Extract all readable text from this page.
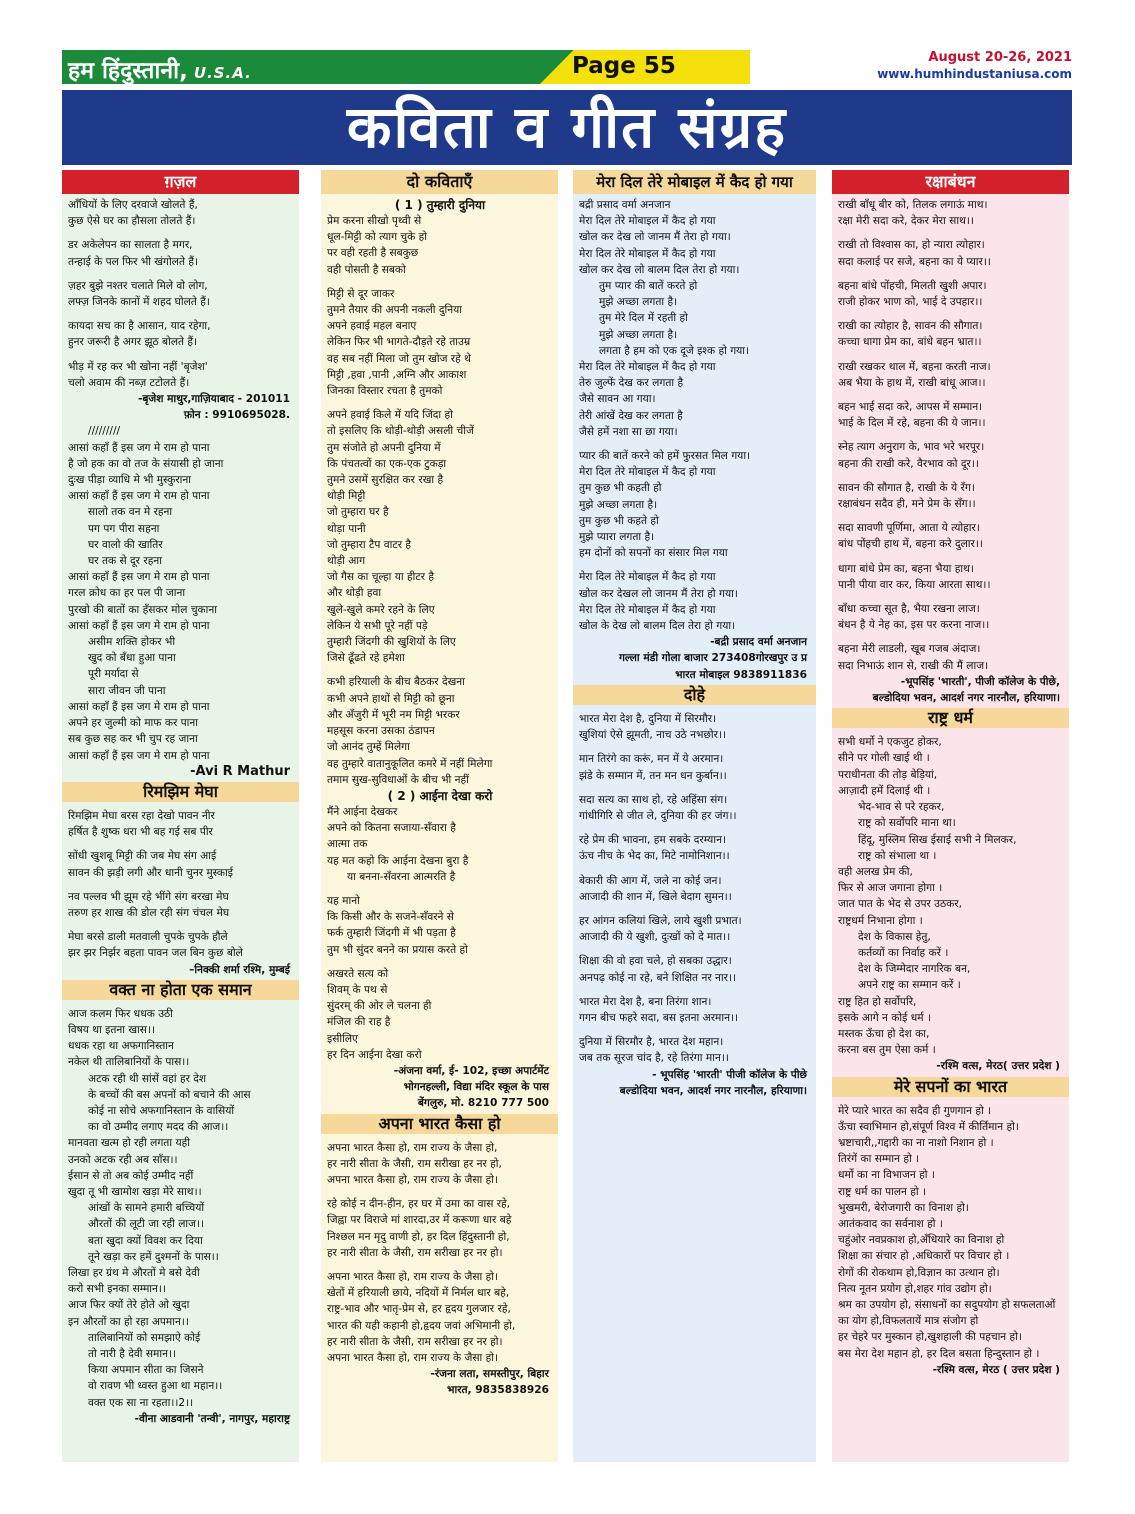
हम हिंदुस्तानी, U.S.A.	Page 55	August 20-26, 2021
www.humhindustaniusa.com
कविता व गीत संग्रह
ग़ज़ल
आँधियों के लिए दरवाजे खोलते हैं,
कुछ ऐसे घर का हौसला तोलते हैं।
डर अकेलेपन का सालता है मगर,
तन्हाई के पल फिर भी खंगोलते हैं।
ज़हर बुझे नश्तर चलाते मिले वो लोग,
लफ्ज़ जिनके कानों में शहद घोलते हैं।
कायदा सच का है आसान, याद रहेगा,
हुनर जरूरी है अगर झूठ बोलते हैं।
भीड़ में रह कर भी खोना नहीं 'बृजेश'
चलो अवाम की नब्ज़ टटोलते हैं।
-बृजेश माथुर,गाज़ियाबाद - 201011
फ़ोन : 9910695028.
/////////
आसां कहाँ हैं इस जग मे राम हो पाना
है जो हक का वो तज के संयासी हो जाना
दुःख पीड़ा व्याधि मे भी मुस्कुराना
आसां कहाँ हैं इस जग मे राम हो पाना
सालो तक वन मे रहना
पग पग पीरा सहना
घर वालो की खातिर
घर तक से दूर रहना
आसां कहाँ हैं इस जग मे राम हो पाना
गरल क्रोध का हर पल पी जाना
पुरखो की बातों का हँसकर मोल चुकाना
आसां कहाँ हैं इस जग मे राम हो पाना
असीम शक्ति होकर भी
खुद को बँधा हुआ पाना
पूरी मर्यादा से
सारा जीवन जी पाना
आसां कहाँ हैं इस जग मे राम हो पाना
अपने हर जुल्मी को माफ कर पाना
सब कुछ सह कर भी चुप रह जाना
आसां कहाँ हैं इस जग मे राम हो पाना
-Avi R Mathur
रिमझिम मेघा
रिमझिम मेघा बरस रहा देखो पावन नीर
हर्षित है शुष्क धरा भी बह गई सब पीर
सोंधी खुशबू मिट्टी की जब मेघ संग आई
सावन की झड़ी लगी और धानी चुनर मुस्काई
नव पल्लव भी झूम रहे भींगे संग बरखा मेघ
तरुण हर शाख की डोल रही संग चंचल मेघ
मेघा बरसे डाली मतवाली चुपके चुपके हौले
झर झर निर्झर बहता पावन जल बिन कुछ बोले
–निक्की शर्मा रश्मि, मुम्बई
वक्त ना होता एक समान
आज कलम फिर धधक उठी
विषय था इतना खास।।
धधक रहा था अफगानिस्तान
नकेल थी तालिबानियों के पास।।
अटक रही थी सांसें वहां हर देश
के बच्चों की बस अपनों को बचाने की आस
कोई ना सोचे अफगानिस्तान के वासियों
का वो उम्मीद लगाए मदद की आज।।
मानवता खत्म हो रही लगता यही
उनको अटक रही अब साँस।।
ईसान से तो अब कोई उम्मीद नहीं
खुदा तू भी खामोश खड़ा मेरे साथ।।
आंखों के सामने हमारी बच्चियों
औरतों की लूटी जा रही लाज।।
बता खुदा क्यों विवश कर दिया
तूने खड़ा कर हमें दुश्मनों के पास।।
लिखा हर ग्रंथ मे औरतों मे बसे देवी
करो सभी इनका सम्मान।।
आज फिर क्यों तेरे होते ओ खुदा
इन औरतों का हो रहा अपमान।।
तालिबानियों को समझाऐ कोई
तो नारी है देवी समान।।
किया अपमान सीता का जिसने
वो रावण भी ध्वस्त हुआ था महान।।
वक्त एक सा ना रहता।।2।।
-वीना आडवानी 'तन्वी', नागपुर, महाराष्ट्र
दो कविताएँ
( 1 ) तुम्हारी दुनिया
प्रेम करना सीखो पृथ्वी से
धूल-मिट्टी को त्याग चुके हो
पर वही रहती है सबकुछ
वही पोसती है सबको
मिट्टी से दूर जाकर
तुमने तैयार की अपनी नकली दुनिया
अपने हवाई महल बनाए
लेकिन फिर भी भागते-दौड़ते रहे ताउम्र
वह सब नहीं मिला जो तुम खोज रहे थे
मिट्टी ,हवा ,पानी ,अग्नि और आकाश
जिनका विस्तार रचता है तुमको
अपने हवाई किले में यदि जिंदा हो
तो इसलिए कि थोड़ी-थोड़ी असली चीजें
तुम संजोते हो अपनी दुनिया में
कि पंचतत्वों का एक-एक टुकड़ा
तुमने उसमें सुरक्षित कर रखा है
थोड़ी मिट्टी
जो तुम्हारा घर है
थोड़ा पानी
जो तुम्हारा टैप वाटर है
थोड़ी आग
जो गैस का चूल्हा या हीटर है
और थोड़ी हवा
खुले-खुले कमरे रहने के लिए
लेकिन ये सभी पूरे नहीं पड़े
तुम्हारी जिंदगी की खुशियों के लिए
जिसे ढूँढते रहे हमेशा
कभी हरियाली के बीच बैठकर देखना
कभी अपने हाथों से मिट्टी को छूना
और अँजुरी में भूरी नम मिट्टी भरकर
महसूस करना उसका ठंडापन
जो आनंद तुम्हें मिलेगा
वह तुम्हारे वातानुकूलित कमरे में नहीं मिलेगा
तमाम सुख-सुविधाओं के बीच भी नहीं
( 2 ) आईना देखा करो
मैंने आईना देखकर
अपने को कितना सजाया-सँवारा है
आत्मा तक
यह मत कहो कि आईना देखना बुरा है
या बनना-सँवरना आत्मरति है
यह मानो
कि किसी और के सजने-सँवरने से
फर्क तुम्हारी जिंदगी में भी पड़ता है
तुम भी सुंदर बनने का प्रयास करते हो
अखरते सत्य को
शिवम् के पथ से
सुंदरम् की ओर ले चलना ही
मंजिल की राह है
इसीलिए
हर दिन आईना देखा करो
-अंजना वर्मा, ई- 102, इच्छा अपार्टमेंट
भोगनहल्ली, विद्या मंदिर स्कूल के पास
बेंगलुरु, मो. 8210 777 500
अपना भारत कैसा हो
अपना भारत कैसा हो, राम राज्य के जैसा हो,
हर नारी सीता के जैसी, राम सरीखा हर नर हो,
अपना भारत कैसा हो, राम राज्य के जैसा हो।
रहे कोई न दीन-हीन, हर घर में उमा का वास रहे,
जिह्वा पर विराजे मां शारदा,उर में करूणा धार बहे
निश्छल मन मृदु वाणी हो, हर दिल हिंदुस्तानी हो,
हर नारी सीता के जैसी, राम सरीखा हर नर हो।
अपना भारत कैसा हो, राम राज्य के जैसा हो।
खेतों में हरियाली छाये, नदियों में निर्मल धार बहे,
राष्ट्र-भाव और भातृ-प्रेम से, हर हृदय गुलजार रहे,
भारत की यही कहानी हो,हृदय जवां अभिमानी हो,
हर नारी सीता के जैसी, राम सरीखा हर नर हो।
अपना भारत कैसा हो, राम राज्य के जैसा हो।
-रंजना लता, समस्तीपुर, बिहार
भारत, 9835838926
मेरा दिल तेरे मोबाइल में कैद हो गया
बद्री प्रसाद वर्मा अनजान
मेरा दिल तेरे मोबाइल में कैद हो गया
खोल कर देख लो जानम मैं तेरा हो गया।
मेरा दिल तेरे मोबाइल में कैद हो गया
खोल कर देख लो बालम दिल तेरा हो गया।
तुम प्यार की बातें करते हो
मुझे अच्छा लगता है।
तुम मेरे दिल में रहती हो
मुझे अच्छा लगता है।
लगता है हम को एक दूजे इश्क हो गया।
मेरा दिल तेरे मोबाइल में कैद हो गया
तेरु जुल्फें देख कर लगता है
जैसे सावन आ गया।
तेरी आंखें देख कर लगता है
जैसे हमें नशा सा छा गया।
प्यार की बातें करने को हमें फुरसत मिल गया।
मेरा दिल तेरे मोबाइल में कैद हो गया
तुम कुछ भी कहती हो
मुझे अच्छा लगता है।
तुम कुछ भी कहते हो
मुझे प्यारा लगता है।
हम दोनों को सपनों का संसार मिल गया
मेरा दिल तेरे मोबाइल में कैद हो गया
खोल कर देखल लो जानम मैं तेरा हो गया।
मेरा दिल तेरे मोबाइल में कैद हो गया
खोल के देख लो बालम दिल तेरा हो गया।
-बद्री प्रसाद वर्मा अनजान
गल्ला मंडी गोला बाजार 273408गोरखपुर उ प्र
भारत मोबाइल 9838911836
दोहे
भारत मेरा देश है, दुनिया में सिरमौर।
खुशियां ऐसे झूमती, नाच उठे नभछोर।।
मान तिरंगे का करूं, मन में ये अरमान।
झंडे के सम्मान में, तन मन धन कुर्बान।।
सदा सत्य का साथ हो, रहे अहिंसा संग।
गांधीगिरि से जीत ले, दुनिया की हर जंग।।
रहे प्रेम की भावना, हम सबके दरम्यान।
ऊंच नीच के भेद का, मिटे नामोनिशान।।
बेकारी की आग में, जले ना कोई जन।
आजादी की शान में, खिले बेदाग सुमन।।
हर आंगन कलियां खिले, लाये खुशी प्रभात।
आजादी की ये खुशी, दुःखों को दे मात।।
शिक्षा की वो हवा चले, हो सबका उद्धार।
अनपढ़ कोई ना रहे, बने शिक्षित नर नार।।
भारत मेरा देश है, बना तिरंगा शान।
गगन बीच फहरे सदा, बस इतना अरमान।।
दुनिया में सिरमौर है, भारत देश महान।
जब तक सूरज चांद है, रहे तिरंगा मान।।
- भूपसिंह 'भारती' पीजी कॉलेज के पीछे
बल्डोदिया भवन, आदर्श नगर नारनौल, हरियाणा।
रक्षाबंधन
राखी बाँधू बीर को, तिलक लगाऊं माथ।
रक्षा मेरी सदा करे, देकर मेरा साथ।।
राखी तो विश्वास का, हो न्यारा त्योहार।
सदा कलाई पर सजे, बहना का ये प्यार।।
बहना बांधे पोंहची, मिलती खुशी अपार।
राजी होकर भाण को, भाई दे उपहार।।
राखी का त्योहार है, सावन की सौगात।
कच्चा धागा प्रेम का, बांधे बहन भ्रात।।
राखी रखकर थाल में, बहना करती नाज।
अब भैया के हाथ में, राखी बांधू आज।।
बहन भाई सदा करे, आपस में सम्मान।
भाई के दिल में रहे, बहना की ये जान।।
स्नेह त्याग अनुराग के, भाव भरे भरपूर।
बहना की राखी करे, वैरभाव को दूर।।
सावन की सौगात है, राखी के ये रँग।
रक्षाबंधन सदैव ही, मने प्रेम के सँग।।
सदा सावणी पूर्णिमा, आता ये त्योहार।
बांध पोंहची हाथ में, बहना करे दुलार।।
धागा बांधे प्रेम का, बहना भैया हाथ।
पानी पीया वार कर, किया आरता साथ।।
बाँधा कच्चा सूत है, भैया रखना लाज।
बंधन है ये नेह का, इस पर करना नाज।।
बहना मेरी लाडली, खूब गजब अंदाज।
सदा निभाऊं शान से, राखी की मैं लाज।
-भूपसिंह 'भारती', पीजी कॉलेज के पीछे,
बल्डोदिया भवन, आदर्श नगर नारनौल, हरियाणा।
राष्ट्र धर्म
सभी धर्मो ने एकजुट होकर,
सीने पर गोली खाई थी ।
पराधीनता की तोड़ बेड़ियां,
आज़ादी हमें दिलाई थी ।
भेद-भाव से परे रहकर,
राष्ट्र को सर्वोपरि माना था।
हिंदू, मुस्लिम सिख ईसाई सभी ने मिलकर,
राष्ट्र को संभाला था ।
वही अलख प्रेम की,
फिर से आज जगाना होगा ।
जात पात के भेद से उपर उठकर,
राष्ट्रधर्म निभाना होगा ।
देश के विकास हेतु,
कर्तव्यों का निर्वाह करें ।
देश के जिम्मेदार नागरिक बन,
अपने राष्ट्र का सम्मान करें ।
राष्ट्र हित हो सर्वोपरि,
इसके आगे न कोई धर्म ।
मस्तक ऊँचा हो देश का,
करना बस तुम ऐसा कर्म ।
-रश्मि वत्स, मेरठ( उत्तर प्रदेश )
मेरे सपनों का भारत
मेरे प्यारे भारत का सदैव ही गुणगान हो ।
ऊँचा स्वाभिमान हो,संपूर्ण विश्व में कीर्तिमान हो।
भ्रष्टाचारी,,गद्दारी का ना नाशो निशान हो ।
तिरंगें का सम्मान हो ।
धर्मो का ना विभाजन हो ।
राष्ट्र धर्म का पालन हो ।
भुखमरी, बेरोजगारी का विनाश हो।
आतंकवाद का सर्वनाश हो ।
चहुंओर नवप्रकाश हो,अँधियारे का विनाश हो
शिक्षा का संचार हो ,अधिकारों पर विचार हो ।
रोगों की रोकथाम हो,विज्ञान का उत्थान हो।
नित्य नूतन प्रयोग हो,शहर गांव उद्योग हो।
श्रम का उपयोग हो, संसाधनों का सदुपयोग हो सफलताओं
का योग हो,विफलतायें मात्र संजोग हो
हर चेहरे पर मुस्कान हो,खुशहाली की पहचान हो।
बस मेरा देश महान हो, हर दिल बसता हिन्दुस्तान हो ।
-रश्मि वत्स, मेरठ ( उत्तर प्रदेश )
